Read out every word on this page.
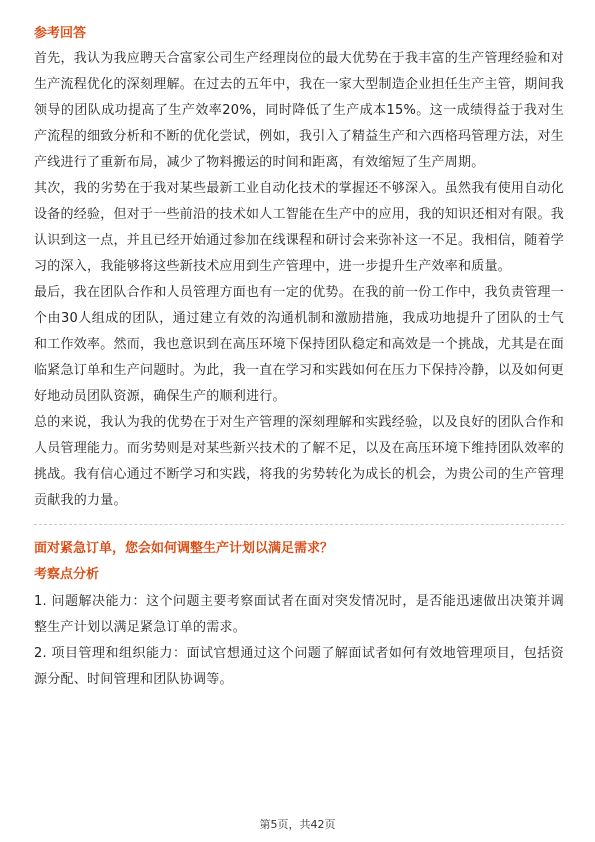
参考回答

首先，我认为我应聘天合富家公司生产经理岗位的最大优势在于我丰富的生产管理经验和对生产流程优化的深刻理解。在过去的五年中，我在一家大型制造企业担任生产主管，期间我领导的团队成功提高了生产效率20%，同时降低了生产成本15%。这一成绩得益于我对生产流程的细致分析和不断的优化尝试，例如，我引入了精益生产和六西格玛管理方法，对生产线进行了重新布局，减少了物料搬运的时间和距离，有效缩短了生产周期。

其次，我的劣势在于我对某些最新工业自动化技术的掌握还不够深入。虽然我有使用自动化设备的经验，但对于一些前沿的技术如人工智能在生产中的应用，我的知识还相对有限。我认识到这一点，并且已经开始通过参加在线课程和研讨会来弥补这一不足。我相信，随着学习的深入，我能够将这些新技术应用到生产管理中，进一步提升生产效率和质量。

最后，我在团队合作和人员管理方面也有一定的优势。在我的前一份工作中，我负责管理一个由30人组成的团队，通过建立有效的沟通机制和激励措施，我成功地提升了团队的士气和工作效率。然而，我也意识到在高压环境下保持团队稳定和高效是一个挑战，尤其是在面临紧急订单和生产问题时。为此，我一直在学习和实践如何在压力下保持冷静，以及如何更好地动员团队资源，确保生产的顺利进行。

总的来说，我认为我的优势在于对生产管理的深刻理解和实践经验，以及良好的团队合作和人员管理能力。而劣势则是对某些新兴技术的了解不足，以及在高压环境下维持团队效率的挑战。我有信心通过不断学习和实践，将我的劣势转化为成长的机会，为贵公司的生产管理贡献我的力量。

面对紧急订单，您会如何调整生产计划以满足需求？
考察点分析

1. 问题解决能力：这个问题主要考察面试者在面对突发情况时，是否能迅速做出决策并调整生产计划以满足紧急订单的需求。

2. 项目管理和组织能力：面试官想通过这个问题了解面试者如何有效地管理项目，包括资源分配、时间管理和团队协调等。

第5页，共42页
